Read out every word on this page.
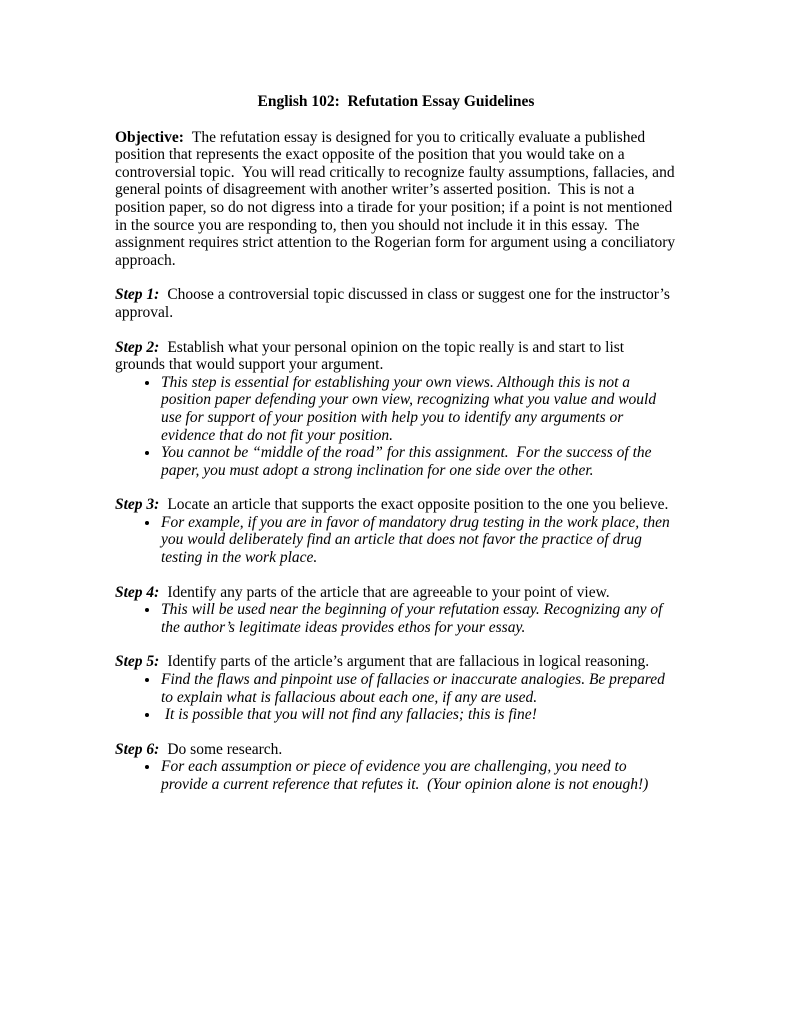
English 102:  Refutation Essay Guidelines

Objective: The refutation essay is designed for you to critically evaluate a published position that represents the exact opposite of the position that you would take on a controversial topic.  You will read critically to recognize faulty assumptions, fallacies, and general points of disagreement with another writer’s asserted position.  This is not a position paper, so do not digress into a tirade for your position; if a point is not mentioned in the source you are responding to, then you should not include it in this essay.  The assignment requires strict attention to the Rogerian form for argument using a conciliatory approach.

Step 1: Choose a controversial topic discussed in class or suggest one for the instructor’s approval.

Step 2: Establish what your personal opinion on the topic really is and start to list grounds that would support your argument.

• This step is essential for establishing your own views. Although this is not a position paper defending your own view, recognizing what you value and would use for support of your position with help you to identify any arguments or evidence that do not fit your position.
• You cannot be “middle of the road” for this assignment.  For the success of the paper, you must adopt a strong inclination for one side over the other.

Step 3: Locate an article that supports the exact opposite position to the one you believe.

• For example, if you are in favor of mandatory drug testing in the work place, then you would deliberately find an article that does not favor the practice of drug testing in the work place.

Step 4: Identify any parts of the article that are agreeable to your point of view.

• This will be used near the beginning of your refutation essay. Recognizing any of the author’s legitimate ideas provides ethos for your essay.

Step 5: Identify parts of the article’s argument that are fallacious in logical reasoning.

• Find the flaws and pinpoint use of fallacies or inaccurate analogies. Be prepared to explain what is fallacious about each one, if any are used.
•  It is possible that you will not find any fallacies; this is fine!

Step 6: Do some research.

• For each assumption or piece of evidence you are challenging, you need to provide a current reference that refutes it.  (Your opinion alone is not enough!)
